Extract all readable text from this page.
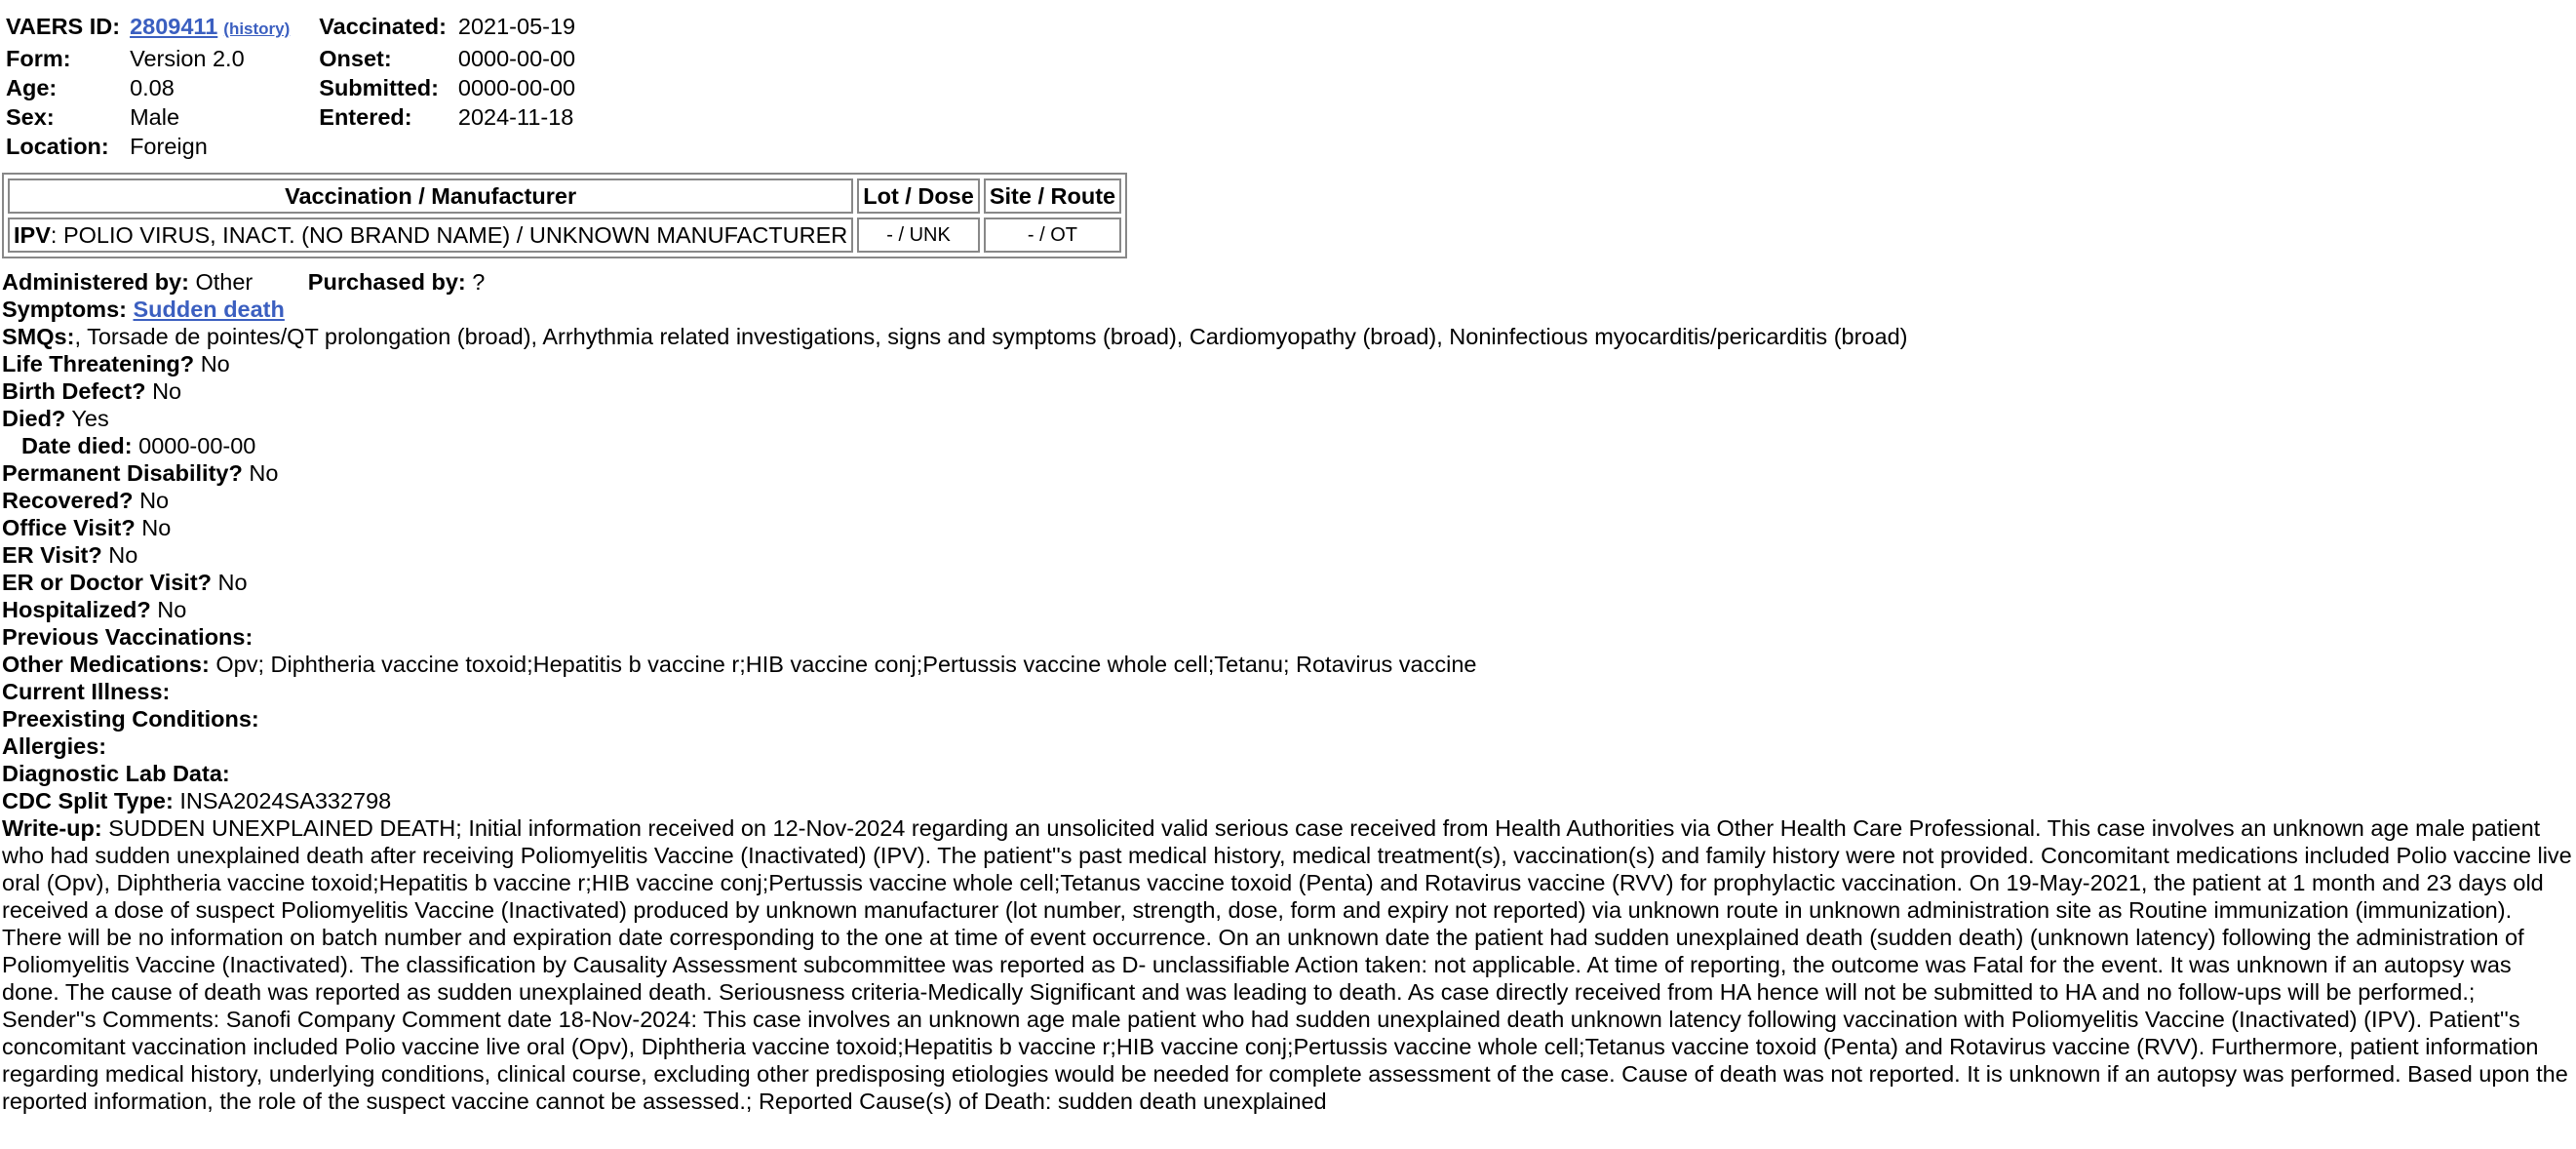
VAERS ID:	2809411 (history)	Vaccinated:	2021-05-19
Form:	Version 2.0	Onset:	0000-00-00
Age:	0.08	Submitted:	0000-00-00
Sex:	Male	Entered:	2024-11-18
Location:	Foreign		
Vaccination / Manufacturer	Lot / Dose	Site / Route
IPV: POLIO VIRUS, INACT. (NO BRAND NAME) / UNKNOWN MANUFACTURER	- / UNK	- / OT
Administered by: Other Purchased by: ?
Symptoms: Sudden death
SMQs:, Torsade de pointes/QT prolongation (broad), Arrhythmia related investigations, signs and symptoms (broad), Cardiomyopathy (broad), Noninfectious myocarditis/pericarditis (broad)
Life Threatening? No
Birth Defect? No
Died? Yes
Date died: 0000-00-00
Permanent Disability? No
Recovered? No
Office Visit? No
ER Visit? No
ER or Doctor Visit? No
Hospitalized? No
Previous Vaccinations:
Other Medications: Opv; Diphtheria vaccine toxoid;Hepatitis b vaccine r;HIB vaccine conj;Pertussis vaccine whole cell;Tetanu; Rotavirus vaccine
Current Illness:
Preexisting Conditions:
Allergies:
Diagnostic Lab Data:
CDC Split Type: INSA2024SA332798
Write-up: SUDDEN UNEXPLAINED DEATH; Initial information received on 12-Nov-2024 regarding an unsolicited valid serious case received from Health Authorities via Other Health Care Professional. This case involves an unknown age male patient who had sudden unexplained death after receiving Poliomyelitis Vaccine (Inactivated) (IPV). The patient''s past medical history, medical treatment(s), vaccination(s) and family history were not provided. Concomitant medications included Polio vaccine live oral (Opv), Diphtheria vaccine toxoid;Hepatitis b vaccine r;HIB vaccine conj;Pertussis vaccine whole cell;Tetanus vaccine toxoid (Penta) and Rotavirus vaccine (RVV) for prophylactic vaccination. On 19-May-2021, the patient at 1 month and 23 days old received a dose of suspect Poliomyelitis Vaccine (Inactivated) produced by unknown manufacturer (lot number, strength, dose, form and expiry not reported) via unknown route in unknown administration site as Routine immunization (immunization). There will be no information on batch number and expiration date corresponding to the one at time of event occurrence. On an unknown date the patient had sudden unexplained death (sudden death) (unknown latency) following the administration of Poliomyelitis Vaccine (Inactivated). The classification by Causality Assessment subcommittee was reported as D- unclassifiable Action taken: not applicable. At time of reporting, the outcome was Fatal for the event. It was unknown if an autopsy was done. The cause of death was reported as sudden unexplained death. Seriousness criteria-Medically Significant and was leading to death. As case directly received from HA hence will not be submitted to HA and no follow-ups will be performed.; Sender''s Comments: Sanofi Company Comment date 18-Nov-2024: This case involves an unknown age male patient who had sudden unexplained death unknown latency following vaccination with Poliomyelitis Vaccine (Inactivated) (IPV). Patient''s concomitant vaccination included Polio vaccine live oral (Opv), Diphtheria vaccine toxoid;Hepatitis b vaccine r;HIB vaccine conj;Pertussis vaccine whole cell;Tetanus vaccine toxoid (Penta) and Rotavirus vaccine (RVV). Furthermore, patient information regarding medical history, underlying conditions, clinical course, excluding other predisposing etiologies would be needed for complete assessment of the case. Cause of death was not reported. It is unknown if an autopsy was performed. Based upon the reported information, the role of the suspect vaccine cannot be assessed.; Reported Cause(s) of Death: sudden death unexplained
